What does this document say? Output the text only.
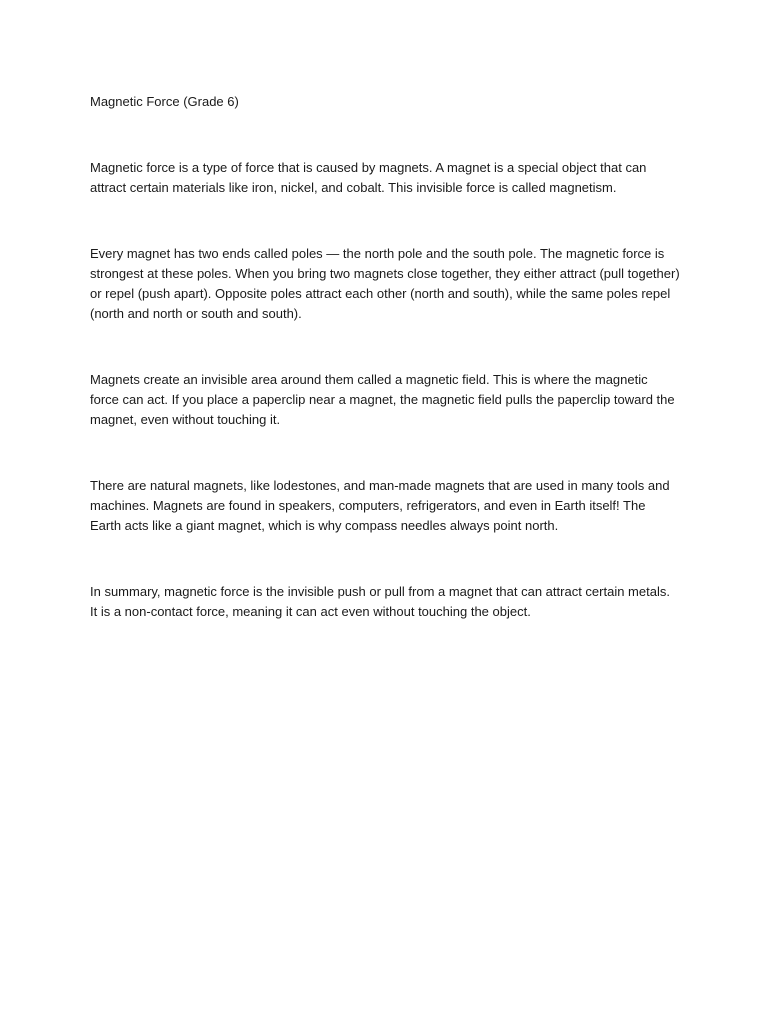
Magnetic Force (Grade 6)

Magnetic force is a type of force that is caused by magnets. A magnet is a special object that can attract certain materials like iron, nickel, and cobalt. This invisible force is called magnetism.

Every magnet has two ends called poles — the north pole and the south pole. The magnetic force is strongest at these poles. When you bring two magnets close together, they either attract (pull together) or repel (push apart). Opposite poles attract each other (north and south), while the same poles repel (north and north or south and south).

Magnets create an invisible area around them called a magnetic field. This is where the magnetic force can act. If you place a paperclip near a magnet, the magnetic field pulls the paperclip toward the magnet, even without touching it.

There are natural magnets, like lodestones, and man-made magnets that are used in many tools and machines. Magnets are found in speakers, computers, refrigerators, and even in Earth itself! The Earth acts like a giant magnet, which is why compass needles always point north.

In summary, magnetic force is the invisible push or pull from a magnet that can attract certain metals. It is a non-contact force, meaning it can act even without touching the object.
